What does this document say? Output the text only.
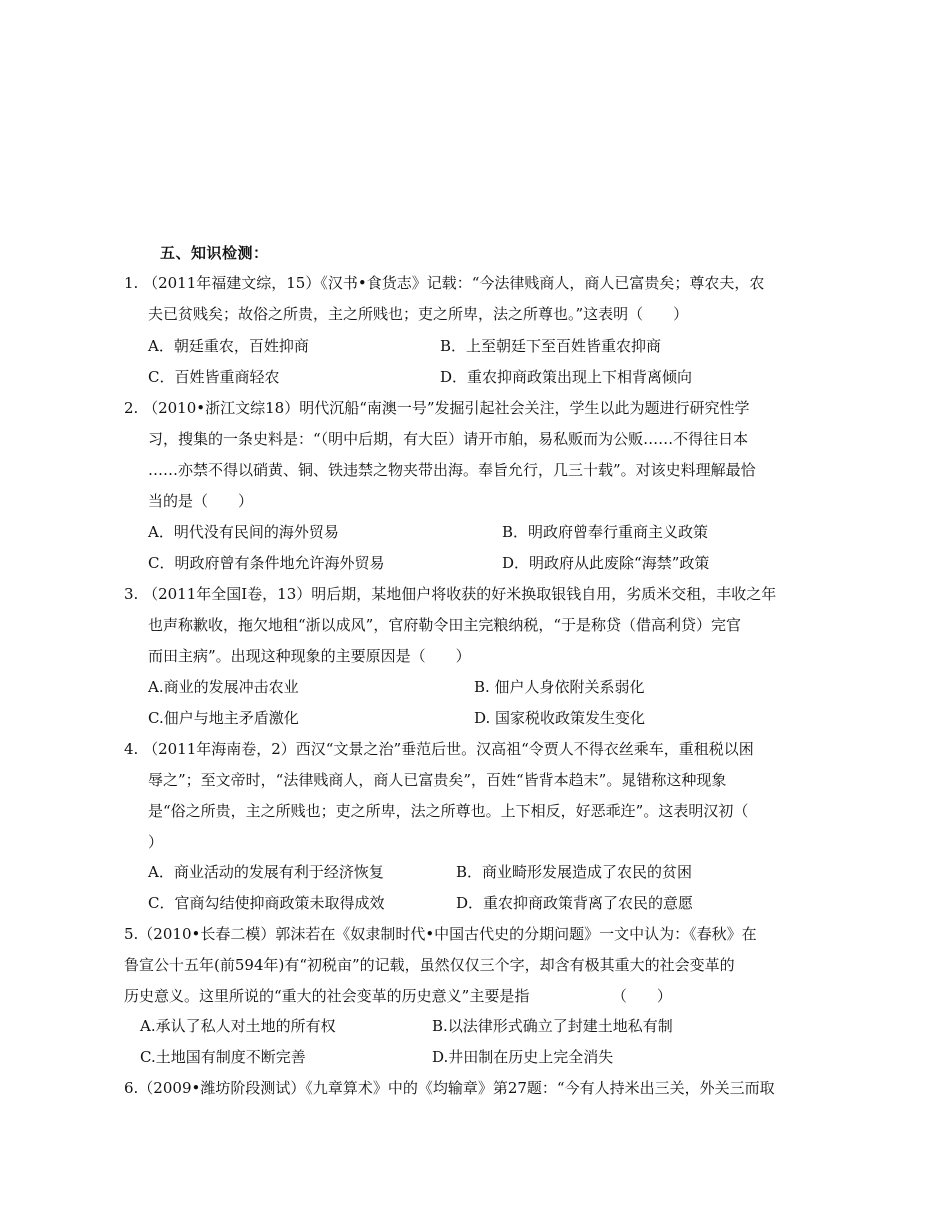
五、知识检测：
1. （2011年福建文综，15）《汉书•食货志》记载：“今法律贱商人，商人已富贵矣；尊农夫，农
夫已贫贱矣；故俗之所贵，主之所贱也；吏之所卑，法之所尊也。”这表明（　　）
A．朝廷重农，百姓抑商	B．上至朝廷下至百姓皆重农抑商
C．百姓皆重商轻农	D．重农抑商政策出现上下相背离倾向
2. （2010•浙江文综18）明代沉船“南澳一号”发掘引起社会关注，学生以此为题进行研究性学
习，搜集的一条史料是：“（明中后期，有大臣）请开市舶，易私贩而为公贩……不得往日本
……亦禁不得以硝黄、铜、铁违禁之物夹带出海。奉旨允行，几三十载”。对该史料理解最恰
当的是（　　）
A．明代没有民间的海外贸易	B．明政府曾奉行重商主义政策
C．明政府曾有条件地允许海外贸易	D．明政府从此废除“海禁”政策
3. （2011年全国Ⅰ卷，13）明后期，某地佃户将收获的好米换取银钱自用，劣质米交租，丰收之年
也声称歉收，拖欠地租“浙以成风”，官府勒令田主完粮纳税，“于是称贷（借高利贷）完官
而田主病”。出现这种现象的主要原因是（　　）
A.商业的发展冲击农业	B. 佃户人身依附关系弱化
C.佃户与地主矛盾激化	D. 国家税收政策发生变化
4. （2011年海南卷，2）西汉“文景之治”垂范后世。汉高祖“令贾人不得衣丝乘车，重租税以困
辱之”；至文帝时，“法律贱商人，商人已富贵矣”，百姓“皆背本趋末”。晁错称这种现象
是“俗之所贵，主之所贱也；吏之所卑，法之所尊也。上下相反，好恶乖迕”。这表明汉初（
）
A．商业活动的发展有利于经济恢复	B．商业畸形发展造成了农民的贫困
C．官商勾结使抑商政策未取得成效	D．重农抑商政策背离了农民的意愿
5.（2010•长春二模）郭沫若在《奴隶制时代•中国古代史的分期问题》一文中认为：《春秋》在
鲁宣公十五年(前594年)有“初税亩”的记载，虽然仅仅三个字，却含有极其重大的社会变革的
历史意义。这里所说的“重大的社会变革的历史意义”主要是指　　　　　　（　　）
A.承认了私人对土地的所有权	B.以法律形式确立了封建土地私有制
C.土地国有制度不断完善	D.井田制在历史上完全消失
6.（2009•潍坊阶段测试）《九章算术》中的《均输章》第27题：“今有人持米出三关，外关三而取
